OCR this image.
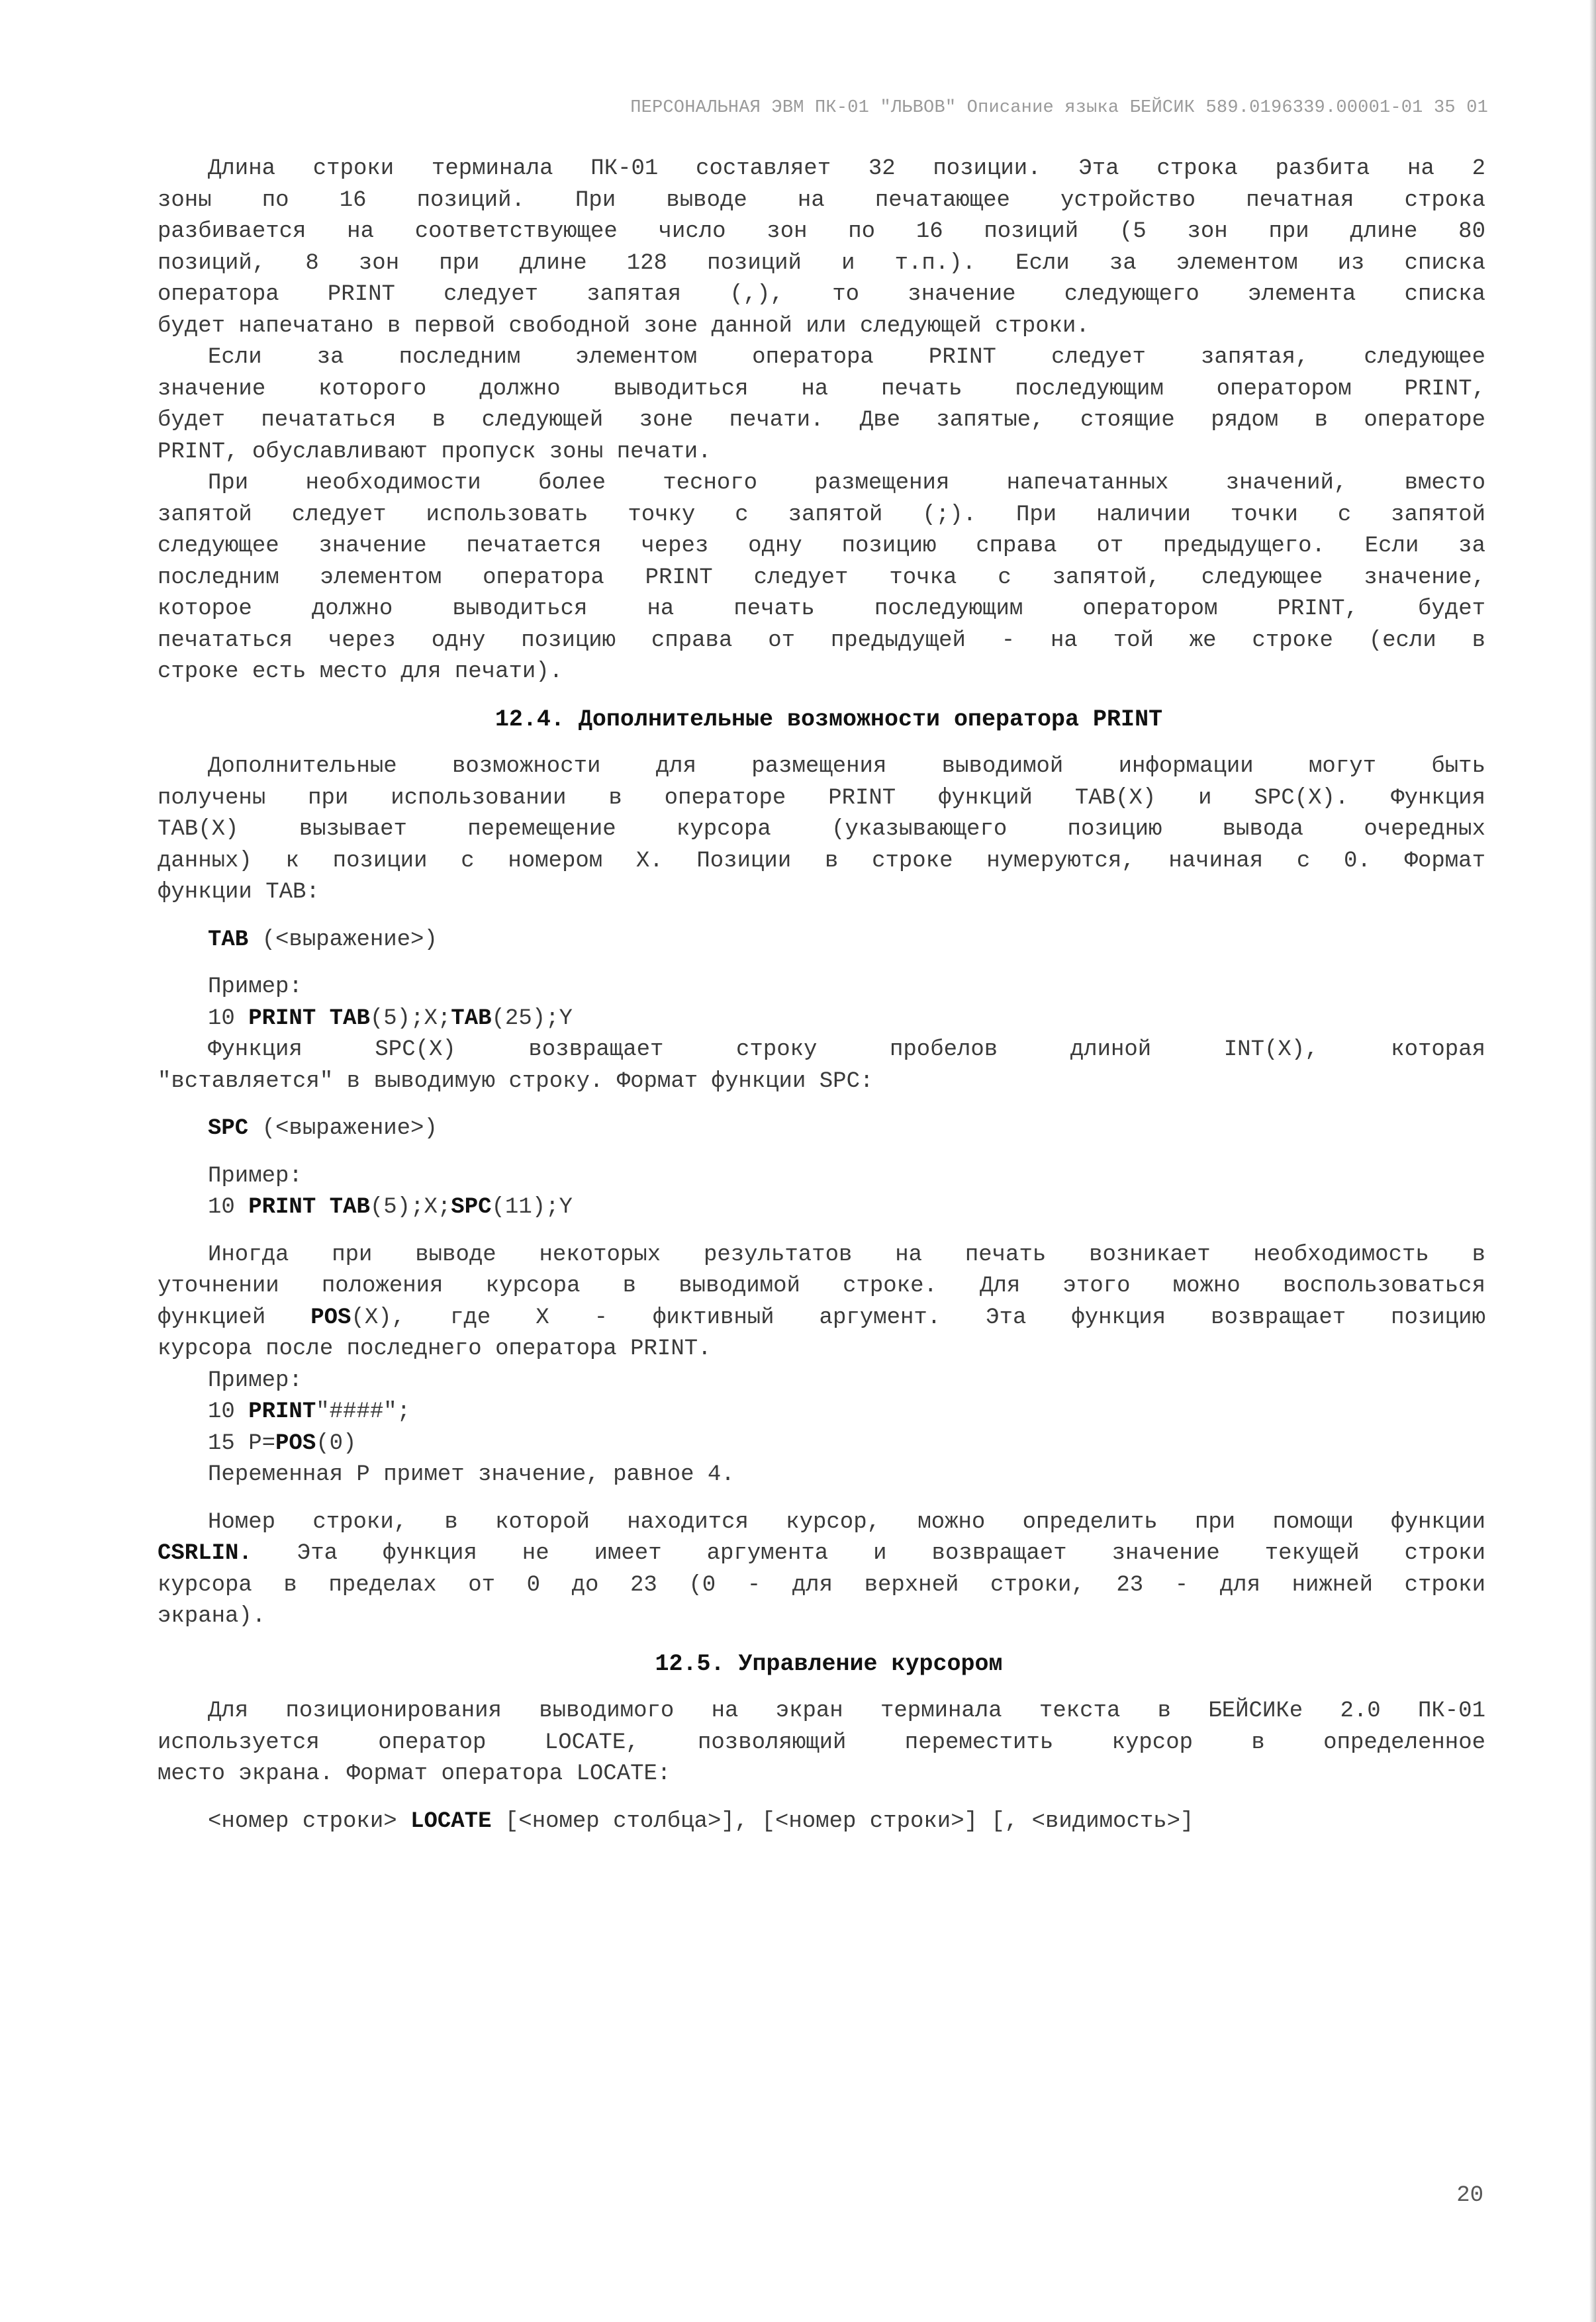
ПЕРСОНАЛЬНАЯ ЭВМ ПК-01 "ЛЬВОВ" Описание языка БЕЙСИК 589.0196339.00001-01 35 01

Длина строки терминала ПК-01 составляет 32 позиции. Эта строка разбита на 2

зоны по 16 позиций. При выводе на печатающее устройство печатная строка

разбивается на соответствующее число зон по 16 позиций (5 зон при длине 80

позиций, 8 зон при длине 128 позиций и т.п.). Если за элементом из списка

оператора PRINT следует запятая (,), то значение следующего элемента списка

будет напечатано в первой свободной зоне данной или следующей строки.

Если за последним элементом оператора PRINT следует запятая, следующее

значение которого должно выводиться на печать последующим оператором PRINT,

будет печататься в следующей зоне печати. Две запятые, стоящие рядом в операторе

PRINT, обуславливают пропуск зоны печати.

При необходимости более тесного размещения напечатанных значений, вместо

запятой следует использовать точку с запятой (;). При наличии точки с запятой

следующее значение печатается через одну позицию справа от предыдущего. Если за

последним элементом оператора PRINT следует точка с запятой, следующее значение,

которое должно выводиться на печать последующим оператором PRINT, будет

печататься через одну позицию справа от предыдущей - на той же строке (если в

строке есть место для печати).

12.4. Дополнительные возможности оператора PRINT

Дополнительные возможности для размещения выводимой информации могут быть

получены при использовании в операторе PRINT функций TAB(X) и SPC(X). Функция

TAB(X) вызывает перемещение курсора (указывающего позицию вывода очередных

данных) к позиции с номером X. Позиции в строке нумеруются, начиная с 0. Формат

функции TAB:

TAB (<выражение>)

Пример:

10 PRINT TAB(5);X;TAB(25);Y

Функция SPC(X) возвращает строку пробелов длиной INT(X), которая

"вставляется" в выводимую строку. Формат функции SPC:

SPC (<выражение>)

Пример:

10 PRINT TAB(5);X;SPC(11);Y

Иногда при выводе некоторых результатов на печать возникает необходимость в

уточнении положения курсора в выводимой строке. Для этого можно воспользоваться

функцией POS(X), где X - фиктивный аргумент. Эта функция возвращает позицию

курсора после последнего оператора PRINT.

Пример:

10 PRINT"####";

15 P=POS(0)

Переменная P примет значение, равное 4.

Номер строки, в которой находится курсор, можно определить при помощи функции

CSRLIN. Эта функция не имеет аргумента и возвращает значение текущей строки

курсора в пределах от 0 до 23 (0 - для верхней строки, 23 - для нижней строки

экрана).

12.5. Управление курсором

Для позиционирования выводимого на экран терминала текста в БЕЙСИКе 2.0 ПК-01

используется оператор LOCATE, позволяющий переместить курсор в определенное

место экрана. Формат оператора LOCATE:

<номер строки> LOCATE [<номер столбца>], [<номер строки>] [, <видимость>]

20
